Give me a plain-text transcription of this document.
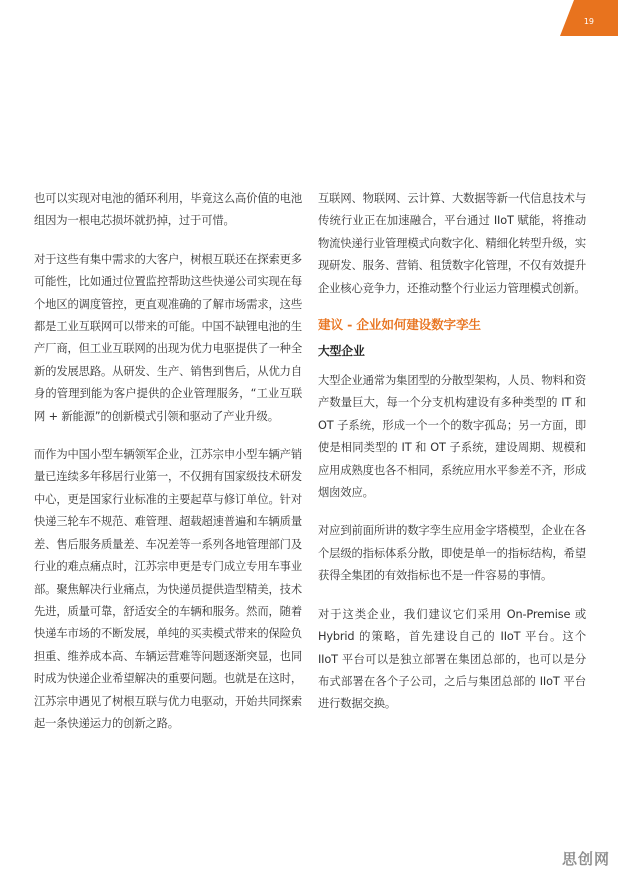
19

也可以实现对电池的循环利用，毕竟这么高价值的电池组因为一根电芯损坏就扔掉，过于可惜。

对于这些有集中需求的大客户，树根互联还在探索更多可能性，比如通过位置监控帮助这些快递公司实现在每个地区的调度管控，更直观准确的了解市场需求，这些都是工业互联网可以带来的可能。中国不缺锂电池的生产厂商，但工业互联网的出现为优力电驱提供了一种全新的发展思路。从研发、生产、销售到售后，从优力自身的管理到能为客户提供的企业管理服务，“工业互联网 + 新能源”的创新模式引领和驱动了产业升级。

而作为中国小型车辆领军企业，江苏宗申小型车辆产销量已连续多年移居行业第一，不仅拥有国家级技术研发中心，更是国家行业标准的主要起草与修订单位。针对快递三轮车不规范、难管理、超载超速普遍和车辆质量差、售后服务质量差、车况差等一系列各地管理部门及行业的难点痛点时，江苏宗申更是专门成立专用车事业部。聚焦解决行业痛点，为快递员提供造型精美，技术先进，质量可靠，舒适安全的车辆和服务。然而，随着快递车市场的不断发展，单纯的买卖模式带来的保险负担重、维养成本高、车辆运营难等问题逐渐突显，也同时成为快递企业希望解决的重要问题。也就是在这时，江苏宗申遇见了树根互联与优力电驱动，开始共同探索起一条快递运力的创新之路。

互联网、物联网、云计算、大数据等新一代信息技术与传统行业正在加速融合，平台通过 IIoT 赋能，将推动物流快递行业管理模式向数字化、精细化转型升级，实现研发、服务、营销、租赁数字化管理，不仅有效提升企业核心竞争力，还推动整个行业运力管理模式创新。

建议 - 企业如何建设数字孪生
大型企业

大型企业通常为集团型的分散型架构，人员、物料和资产数量巨大，每一个分支机构建设有多种类型的 IT 和 OT 子系统，形成一个一个的数字孤岛；另一方面，即使是相同类型的 IT 和 OT 子系统，建设周期、规模和应用成熟度也各不相同，系统应用水平参差不齐，形成烟囱效应。

对应到前面所讲的数字孪生应用金字塔模型，企业在各个层级的指标体系分散，即使是单一的指标结构，希望获得全集团的有效指标也不是一件容易的事情。

对于这类企业，我们建议它们采用 On-Premise 或 Hybrid 的策略，首先建设自己的 IIoT 平台。这个 IIoT 平台可以是独立部署在集团总部的，也可以是分布式部署在各个子公司，之后与集团总部的 IIoT 平台进行数据交换。

思创网
